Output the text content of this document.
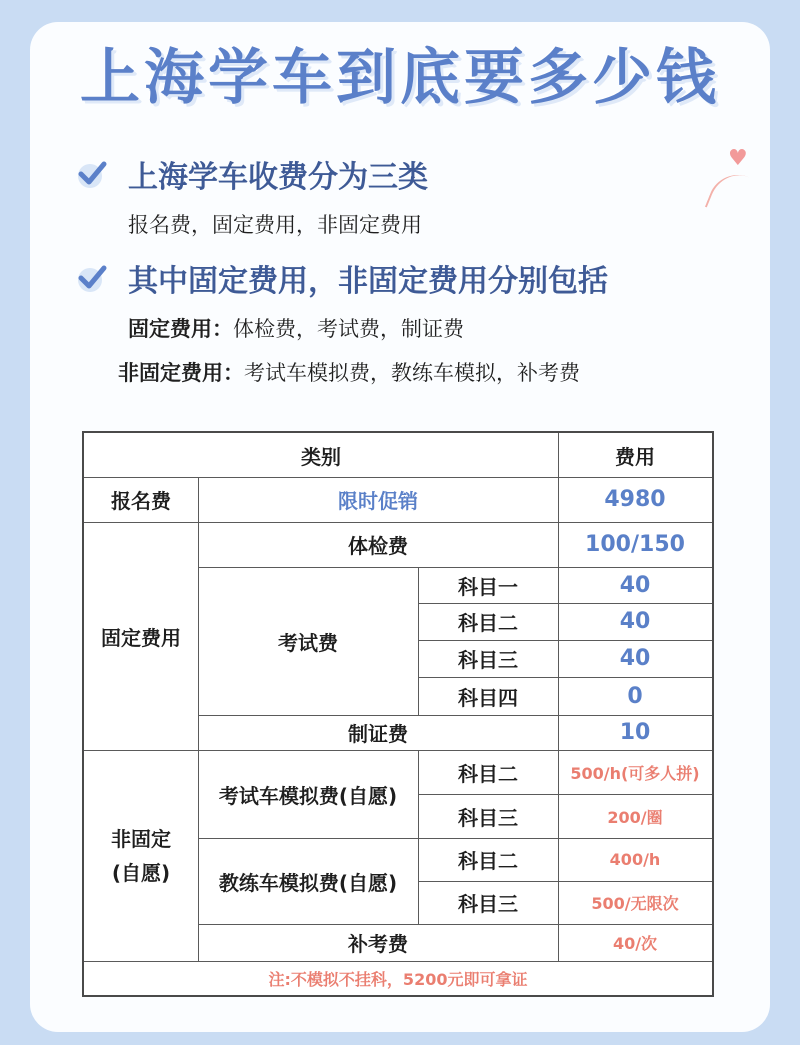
上海学车到底要多少钱
♥
上海学车收费分为三类
报名费，固定费用，非固定费用
其中固定费用，非固定费用分别包括
固定费用：体检费，考试费，制证费
非固定费用：考试车模拟费，教练车模拟，补考费
类别	费用
报名费	限时促销	4980
固定费用
体检费	100/150
考试费
科目一	40
科目二	40
科目三	40
科目四	0
制证费	10
非固定
(自愿)
考试车模拟费(自愿)
科目二	500/h(可多人拼)
科目三	200/圈
教练车模拟费(自愿)
科目二	400/h
科目三	500/无限次
补考费	40/次
注:不模拟不挂科，5200元即可拿证
